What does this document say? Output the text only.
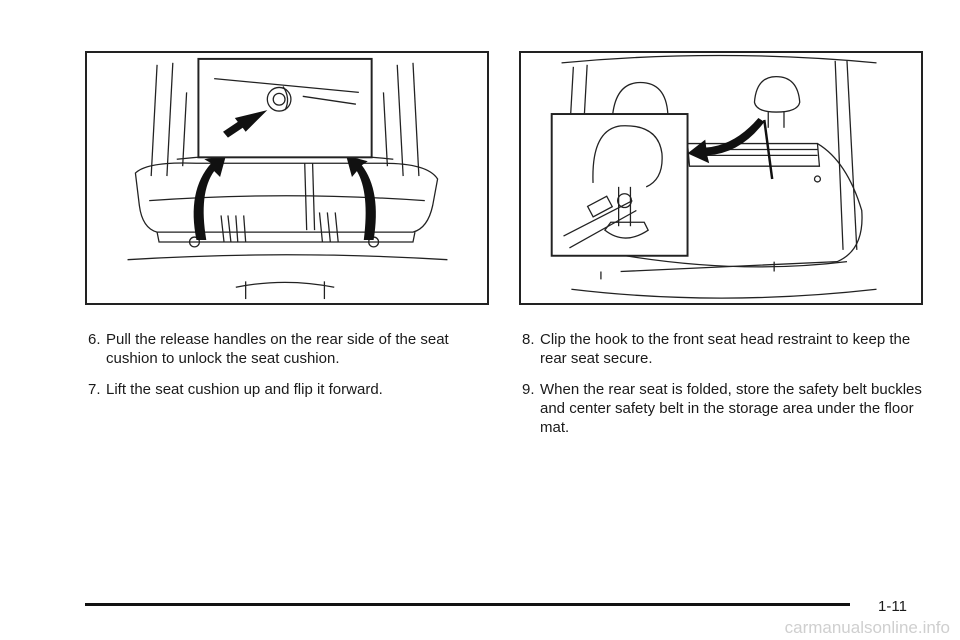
6. Pull the release handles on the rear side of the seat cushion to unlock the seat cushion.
7. Lift the seat cushion up and flip it forward.
8. Clip the hook to the front seat head restraint to keep the rear seat secure.
9. When the rear seat is folded, store the safety belt buckles and center safety belt in the storage area under the floor mat.
1-11
carmanualsonline.info
